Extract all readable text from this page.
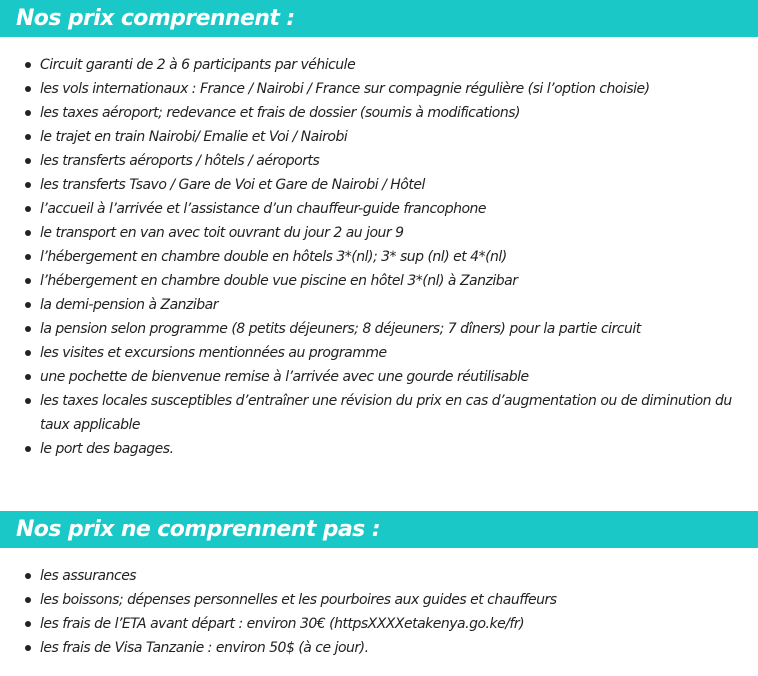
Nos prix comprennent :
Circuit garanti de 2 à 6 participants par véhicule
les vols internationaux : France / Nairobi / France sur compagnie régulière (si l’option choisie)
les taxes aéroport; redevance et frais de dossier (soumis à modifications)
le trajet en train Nairobi/ Emalie et Voi / Nairobi
les transferts aéroports / hôtels / aéroports
les transferts Tsavo / Gare de Voi et Gare de Nairobi / Hôtel
l’accueil à l’arrivée et l’assistance d’un chauffeur-guide francophone
le transport en van avec toit ouvrant du jour 2 au jour 9
l’hébergement en chambre double en hôtels 3*(nl); 3* sup (nl) et 4*(nl)
l’hébergement en chambre double vue piscine en hôtel 3*(nl) à Zanzibar
la demi-pension à Zanzibar
la pension selon programme (8 petits déjeuners; 8 déjeuners; 7 dîners) pour la partie circuit
les visites et excursions mentionnées au programme
une pochette de bienvenue remise à l’arrivée avec une gourde réutilisable
les taxes locales susceptibles d’entraîner une révision du prix en cas d’augmentation ou de diminution du taux applicable
le port des bagages.
Nos prix ne comprennent pas :
les assurances
les boissons; dépenses personnelles et les pourboires aux guides et chauffeurs
les frais de l’ETA avant départ : environ 30€ (httpsXXXXetakenya.go.ke/fr)
les frais de Visa Tanzanie : environ 50$ (à ce jour).
